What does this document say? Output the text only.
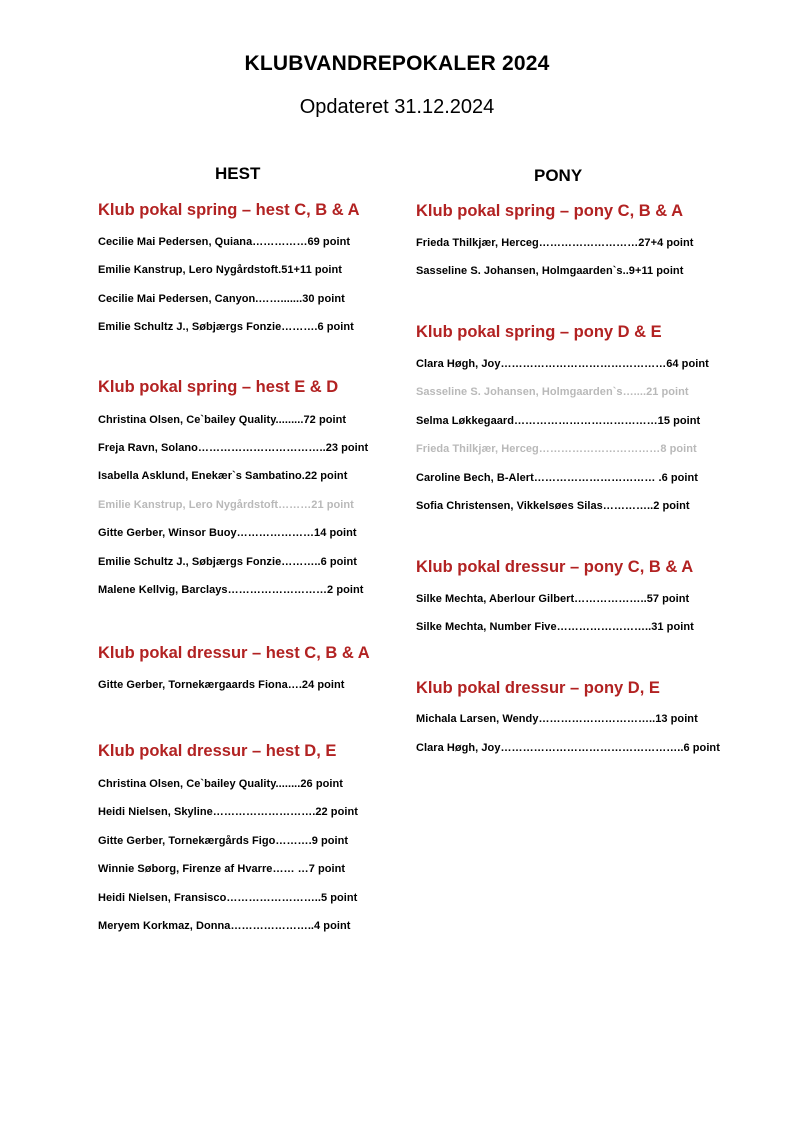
KLUBVANDREPOKALER 2024
Opdateret 31.12.2024
HEST	PONY
Klub pokal spring – hest C, B & A
Cecilie Mai Pedersen, Quiana……………69 point
Emilie Kanstrup, Lero Nygårdstoft.51+11 point
Cecilie Mai Pedersen, Canyon.…….......30 point
Emilie Schultz J., Søbjærgs Fonzie……….6 point
Klub pokal spring – hest E & D
Christina Olsen, Ce`bailey Quality.........72 point
Freja Ravn, Solano……………………………..23 point
Isabella Asklund, Enekær`s Sambatino.22 point
Emilie Kanstrup, Lero Nygårdstoft………21 point
Gitte Gerber, Winsor Buoy…………………14 point
Emilie Schultz J., Søbjærgs Fonzie………..6 point
Malene Kellvig, Barclays………………………2 point
Klub pokal dressur – hest C, B & A
Gitte Gerber, Tornekærgaards Fiona….24 point
Klub pokal dressur – hest D, E
Christina Olsen, Ce`bailey Quality........26 point
Heidi Nielsen, Skyline……………………….22 point
Gitte Gerber, Tornekærgårds Figo……….9 point
Winnie Søborg, Firenze af Hvarre…… …7 point
Heidi Nielsen, Fransisco……………………..5 point
Meryem Korkmaz, Donna…………………..4 point
Klub pokal spring – pony C, B & A
Frieda Thilkjær, Herceg………………………27+4 point
Sasseline S. Johansen, Holmgaarden`s..9+11 point
Klub pokal spring – pony D & E
Clara Høgh, Joy………………………………………64 point
Sasseline S. Johansen, Holmgaarden`s…....21 point
Selma Løkkegaard…………………………………15 point
Frieda Thilkjær, Herceg……………………………8 point
Caroline Bech, B-Alert…………………………… .6 point
Sofia Christensen, Vikkelsøes Silas…………..2 point
Klub pokal dressur – pony C, B & A
Silke Mechta, Aberlour Gilbert………………..57 point
Silke Mechta, Number Five……………………..31 point
Klub pokal dressur – pony D, E
Michala Larsen, Wendy…………………………..13 point
Clara Høgh, Joy…………………………………………..6 point
